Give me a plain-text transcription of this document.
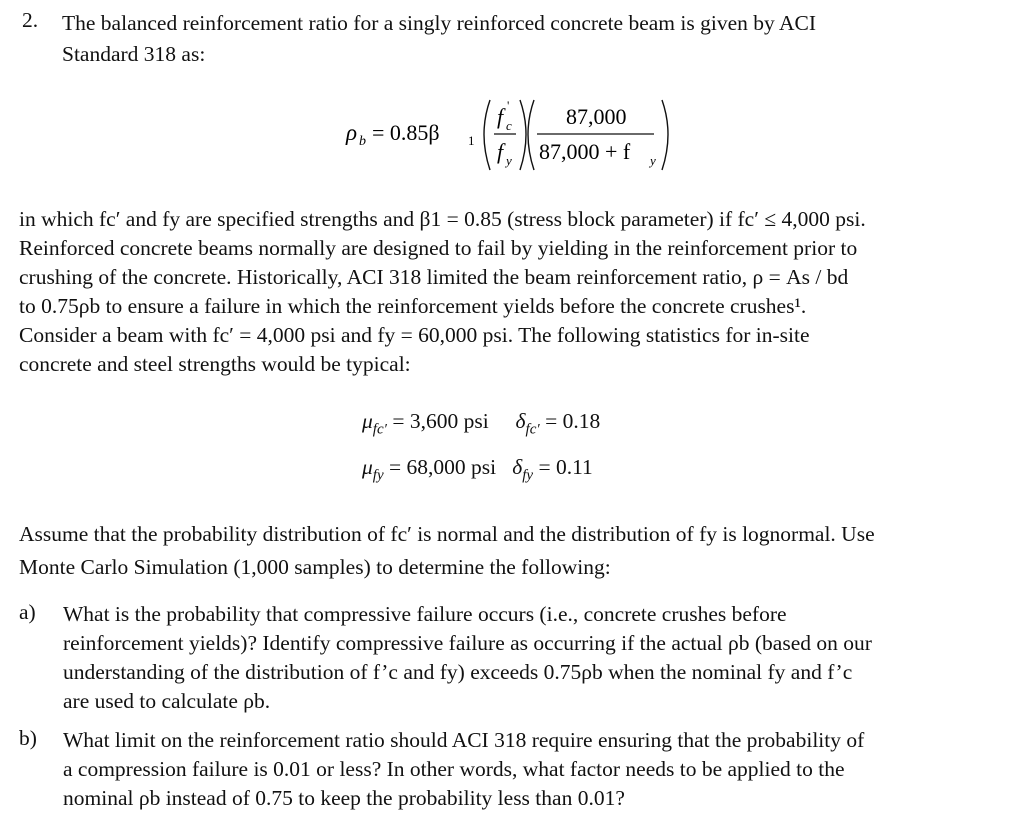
2. The balanced reinforcement ratio for a singly reinforced concrete beam is given by ACI
Standard 318 as:
ρ b = 0.85β 1
f c
'
f y
87,000
87,000 + f y
in which fc′ and fy are specified strengths and β1 = 0.85 (stress block parameter) if fc′ ≤ 4,000 psi.
Reinforced concrete beams normally are designed to fail by yielding in the reinforcement prior to
crushing of the concrete. Historically, ACI 318 limited the beam reinforcement ratio, ρ = As / bd
to 0.75ρb to ensure a failure in which the reinforcement yields before the concrete crushes¹.
Consider a beam with fc′ = 4,000 psi and fy = 60,000 psi. The following statistics for in-site
concrete and steel strengths would be typical:
$\mu_{fc'} = 3,600$ psi $\delta_{fc'} = 0.18$
$\mu_{fy} = 68,000$ psi $\delta_{fy} = 0.11$
Assume that the probability distribution of fc′ is normal and the distribution of fy is lognormal. Use
Monte Carlo Simulation (1,000 samples) to determine the following:
a) What is the probability that compressive failure occurs (i.e., concrete crushes before
reinforcement yields)? Identify compressive failure as occurring if the actual ρb (based on our
understanding of the distribution of f’c and fy) exceeds 0.75ρb when the nominal fy and f’c
are used to calculate ρb.
b) What limit on the reinforcement ratio should ACI 318 require ensuring that the probability of
a compression failure is 0.01 or less? In other words, what factor needs to be applied to the
nominal ρb instead of 0.75 to keep the probability less than 0.01?
